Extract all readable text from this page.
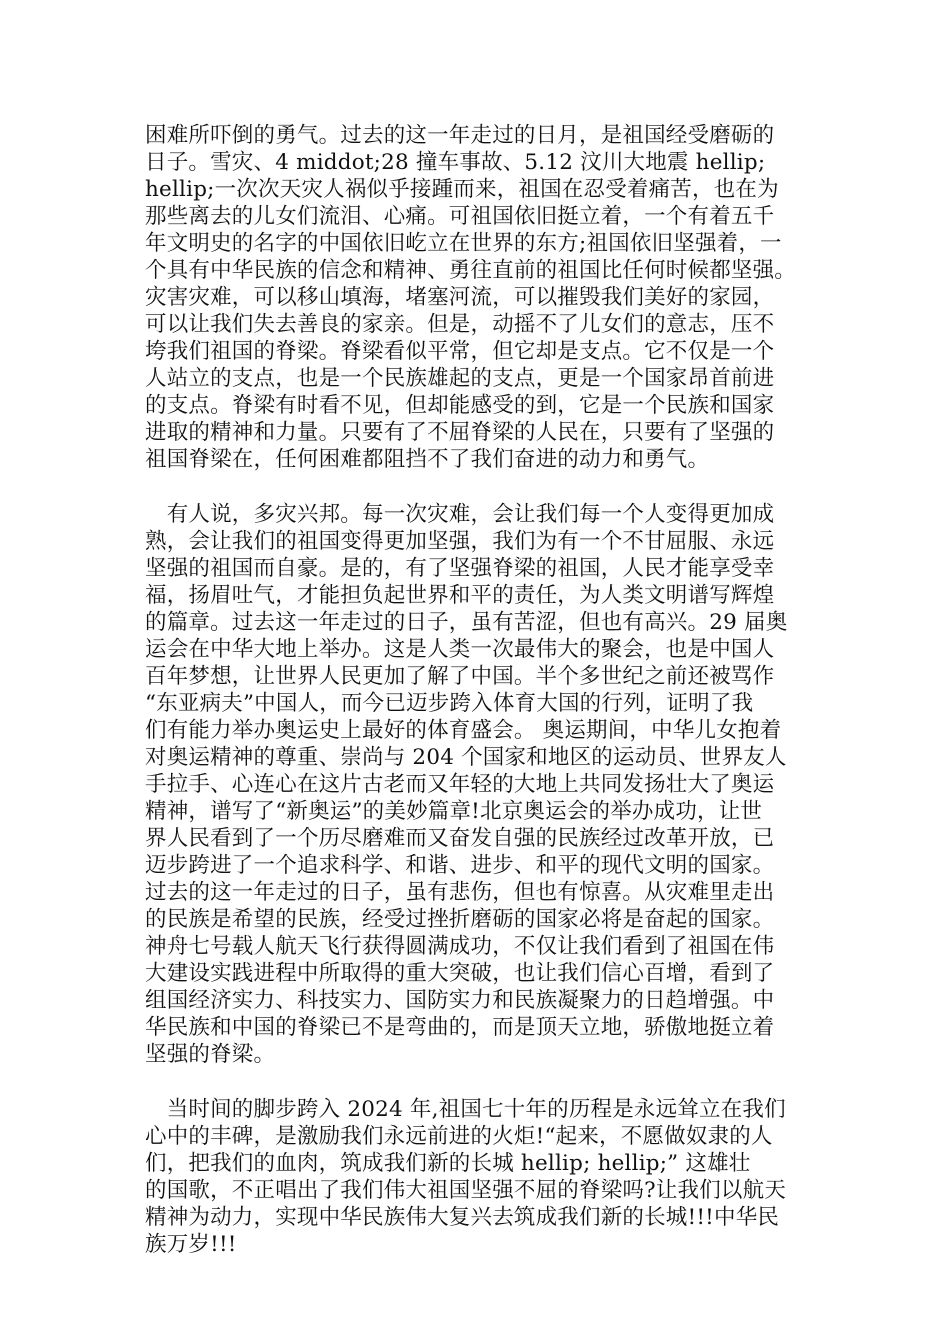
困难所吓倒的勇气。过去的这一年走过的日月，是祖国经受磨砺的
日子。雪灾、4 middot;28 撞车事故、5.12 汶川大地震 hellip;
hellip;一次次天灾人祸似乎接踵而来，祖国在忍受着痛苦，也在为
那些离去的儿女们流泪、心痛。可祖国依旧挺立着，一个有着五千
年文明史的名字的中国依旧屹立在世界的东方;祖国依旧坚强着，一
个具有中华民族的信念和精神、勇往直前的祖国比任何时候都坚强。
灾害灾难，可以移山填海，堵塞河流，可以摧毁我们美好的家园，
可以让我们失去善良的家亲。但是，动摇不了儿女们的意志，压不
垮我们祖国的脊梁。脊梁看似平常，但它却是支点。它不仅是一个
人站立的支点，也是一个民族雄起的支点，更是一个国家昂首前进
的支点。脊梁有时看不见，但却能感受的到，它是一个民族和国家
进取的精神和力量。只要有了不屈脊梁的人民在，只要有了坚强的
祖国脊梁在，任何困难都阻挡不了我们奋进的动力和勇气。
　有人说，多灾兴邦。每一次灾难，会让我们每一个人变得更加成
熟，会让我们的祖国变得更加坚强，我们为有一个不甘屈服、永远
坚强的祖国而自豪。是的，有了坚强脊梁的祖国，人民才能享受幸
福，扬眉吐气，才能担负起世界和平的责任，为人类文明谱写辉煌
的篇章。过去这一年走过的日子，虽有苦涩，但也有高兴。29 届奥
运会在中华大地上举办。这是人类一次最伟大的聚会，也是中国人
百年梦想，让世界人民更加了解了中国。半个多世纪之前还被骂作
“东亚病夫”中国人，而今已迈步跨入体育大国的行列，证明了我
们有能力举办奥运史上最好的体育盛会。 奥运期间，中华儿女抱着
对奥运精神的尊重、崇尚与 204 个国家和地区的运动员、世界友人
手拉手、心连心在这片古老而又年轻的大地上共同发扬壮大了奥运
精神，谱写了“新奥运”的美妙篇章!北京奥运会的举办成功，让世
界人民看到了一个历尽磨难而又奋发自强的民族经过改革开放，已
迈步跨进了一个追求科学、和谐、进步、和平的现代文明的国家。
过去的这一年走过的日子，虽有悲伤，但也有惊喜。从灾难里走出
的民族是希望的民族，经受过挫折磨砺的国家必将是奋起的国家。
神舟七号载人航天飞行获得圆满成功，不仅让我们看到了祖国在伟
大建设实践进程中所取得的重大突破，也让我们信心百增，看到了
组国经济实力、科技实力、国防实力和民族凝聚力的日趋增强。中
华民族和中国的脊梁已不是弯曲的，而是顶天立地，骄傲地挺立着
坚强的脊梁。
　当时间的脚步跨入 2024 年,祖国七十年的历程是永远耸立在我们
心中的丰碑，是激励我们永远前进的火炬!“起来，不愿做奴隶的人
们，把我们的血肉，筑成我们新的长城 hellip; hellip;” 这雄壮
的国歌，不正唱出了我们伟大祖国坚强不屈的脊梁吗?让我们以航天
精神为动力，实现中华民族伟大复兴去筑成我们新的长城!!!中华民
族万岁!!!
